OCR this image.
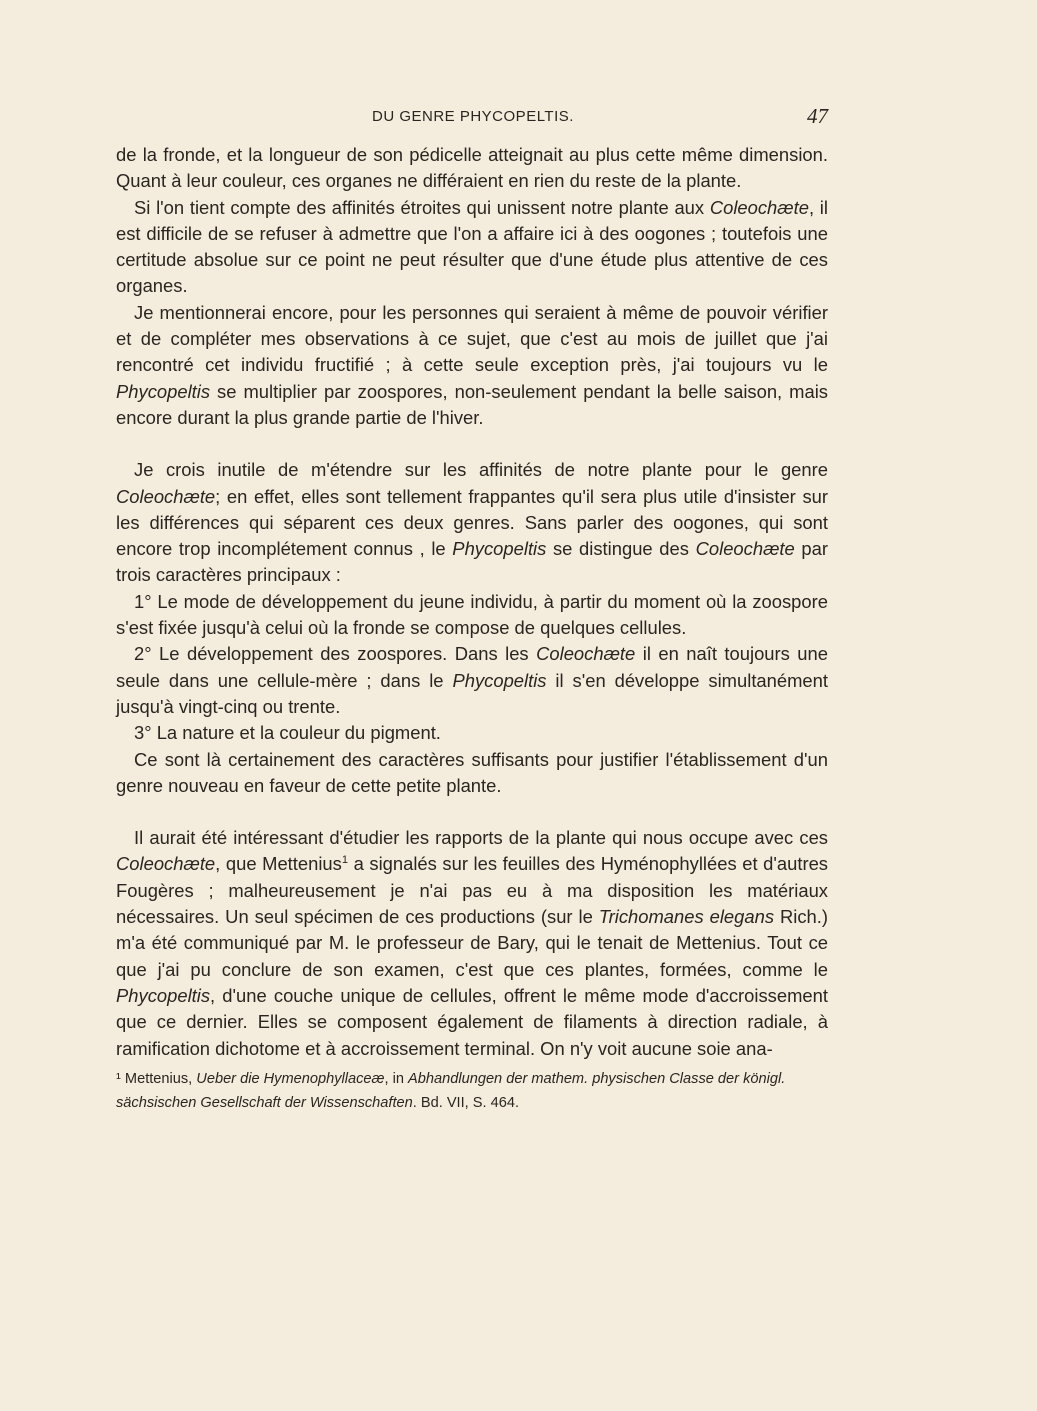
DU GENRE PHYCOPELTIS.	47

de la fronde, et la longueur de son pédicelle atteignait au plus cette même dimension. Quant à leur couleur, ces organes ne différaient en rien du reste de la plante.

Si l'on tient compte des affinités étroites qui unissent notre plante aux Coleochæte, il est difficile de se refuser à admettre que l'on a affaire ici à des oogones ; toutefois une certitude absolue sur ce point ne peut résulter que d'une étude plus attentive de ces organes.

Je mentionnerai encore, pour les personnes qui seraient à même de pouvoir vérifier et de compléter mes observations à ce sujet, que c'est au mois de juillet que j'ai rencontré cet individu fructifié ; à cette seule exception près, j'ai toujours vu le Phycopeltis se multiplier par zoospores, non-seulement pendant la belle saison, mais encore durant la plus grande partie de l'hiver.

Je crois inutile de m'étendre sur les affinités de notre plante pour le genre Coleochæte; en effet, elles sont tellement frappantes qu'il sera plus utile d'insister sur les différences qui séparent ces deux genres. Sans parler des oogones, qui sont encore trop incomplétement connus , le Phycopeltis se distingue des Coleochæte par trois caractères principaux :

1° Le mode de développement du jeune individu, à partir du moment où la zoospore s'est fixée jusqu'à celui où la fronde se compose de quelques cellules.

2° Le développement des zoospores. Dans les Coleochæte il en naît toujours une seule dans une cellule-mère ; dans le Phycopeltis il s'en développe simultanément jusqu'à vingt-cinq ou trente.

3° La nature et la couleur du pigment.

Ce sont là certainement des caractères suffisants pour justifier l'établissement d'un genre nouveau en faveur de cette petite plante.

Il aurait été intéressant d'étudier les rapports de la plante qui nous occupe avec ces Coleochæte, que Mettenius$^1$ a signalés sur les feuilles des Hyménophyllées et d'autres Fougères ; malheureusement je n'ai pas eu à ma disposition les matériaux nécessaires. Un seul spécimen de ces productions (sur le Trichomanes elegans Rich.) m'a été communiqué par M. le professeur de Bary, qui le tenait de Mettenius. Tout ce que j'ai pu conclure de son examen, c'est que ces plantes, formées, comme le Phycopeltis, d'une couche unique de cellules, offrent le même mode d'accroissement que ce dernier. Elles se composent également de filaments à direction radiale, à ramification dichotome et à accroissement terminal. On n'y voit aucune soie ana-

¹ Mettenius, Ueber die Hymenophyllaceæ, in Abhandlungen der mathem. physischen Classe der königl. sächsischen Gesellschaft der Wissenschaften. Bd. VII, S. 464.
